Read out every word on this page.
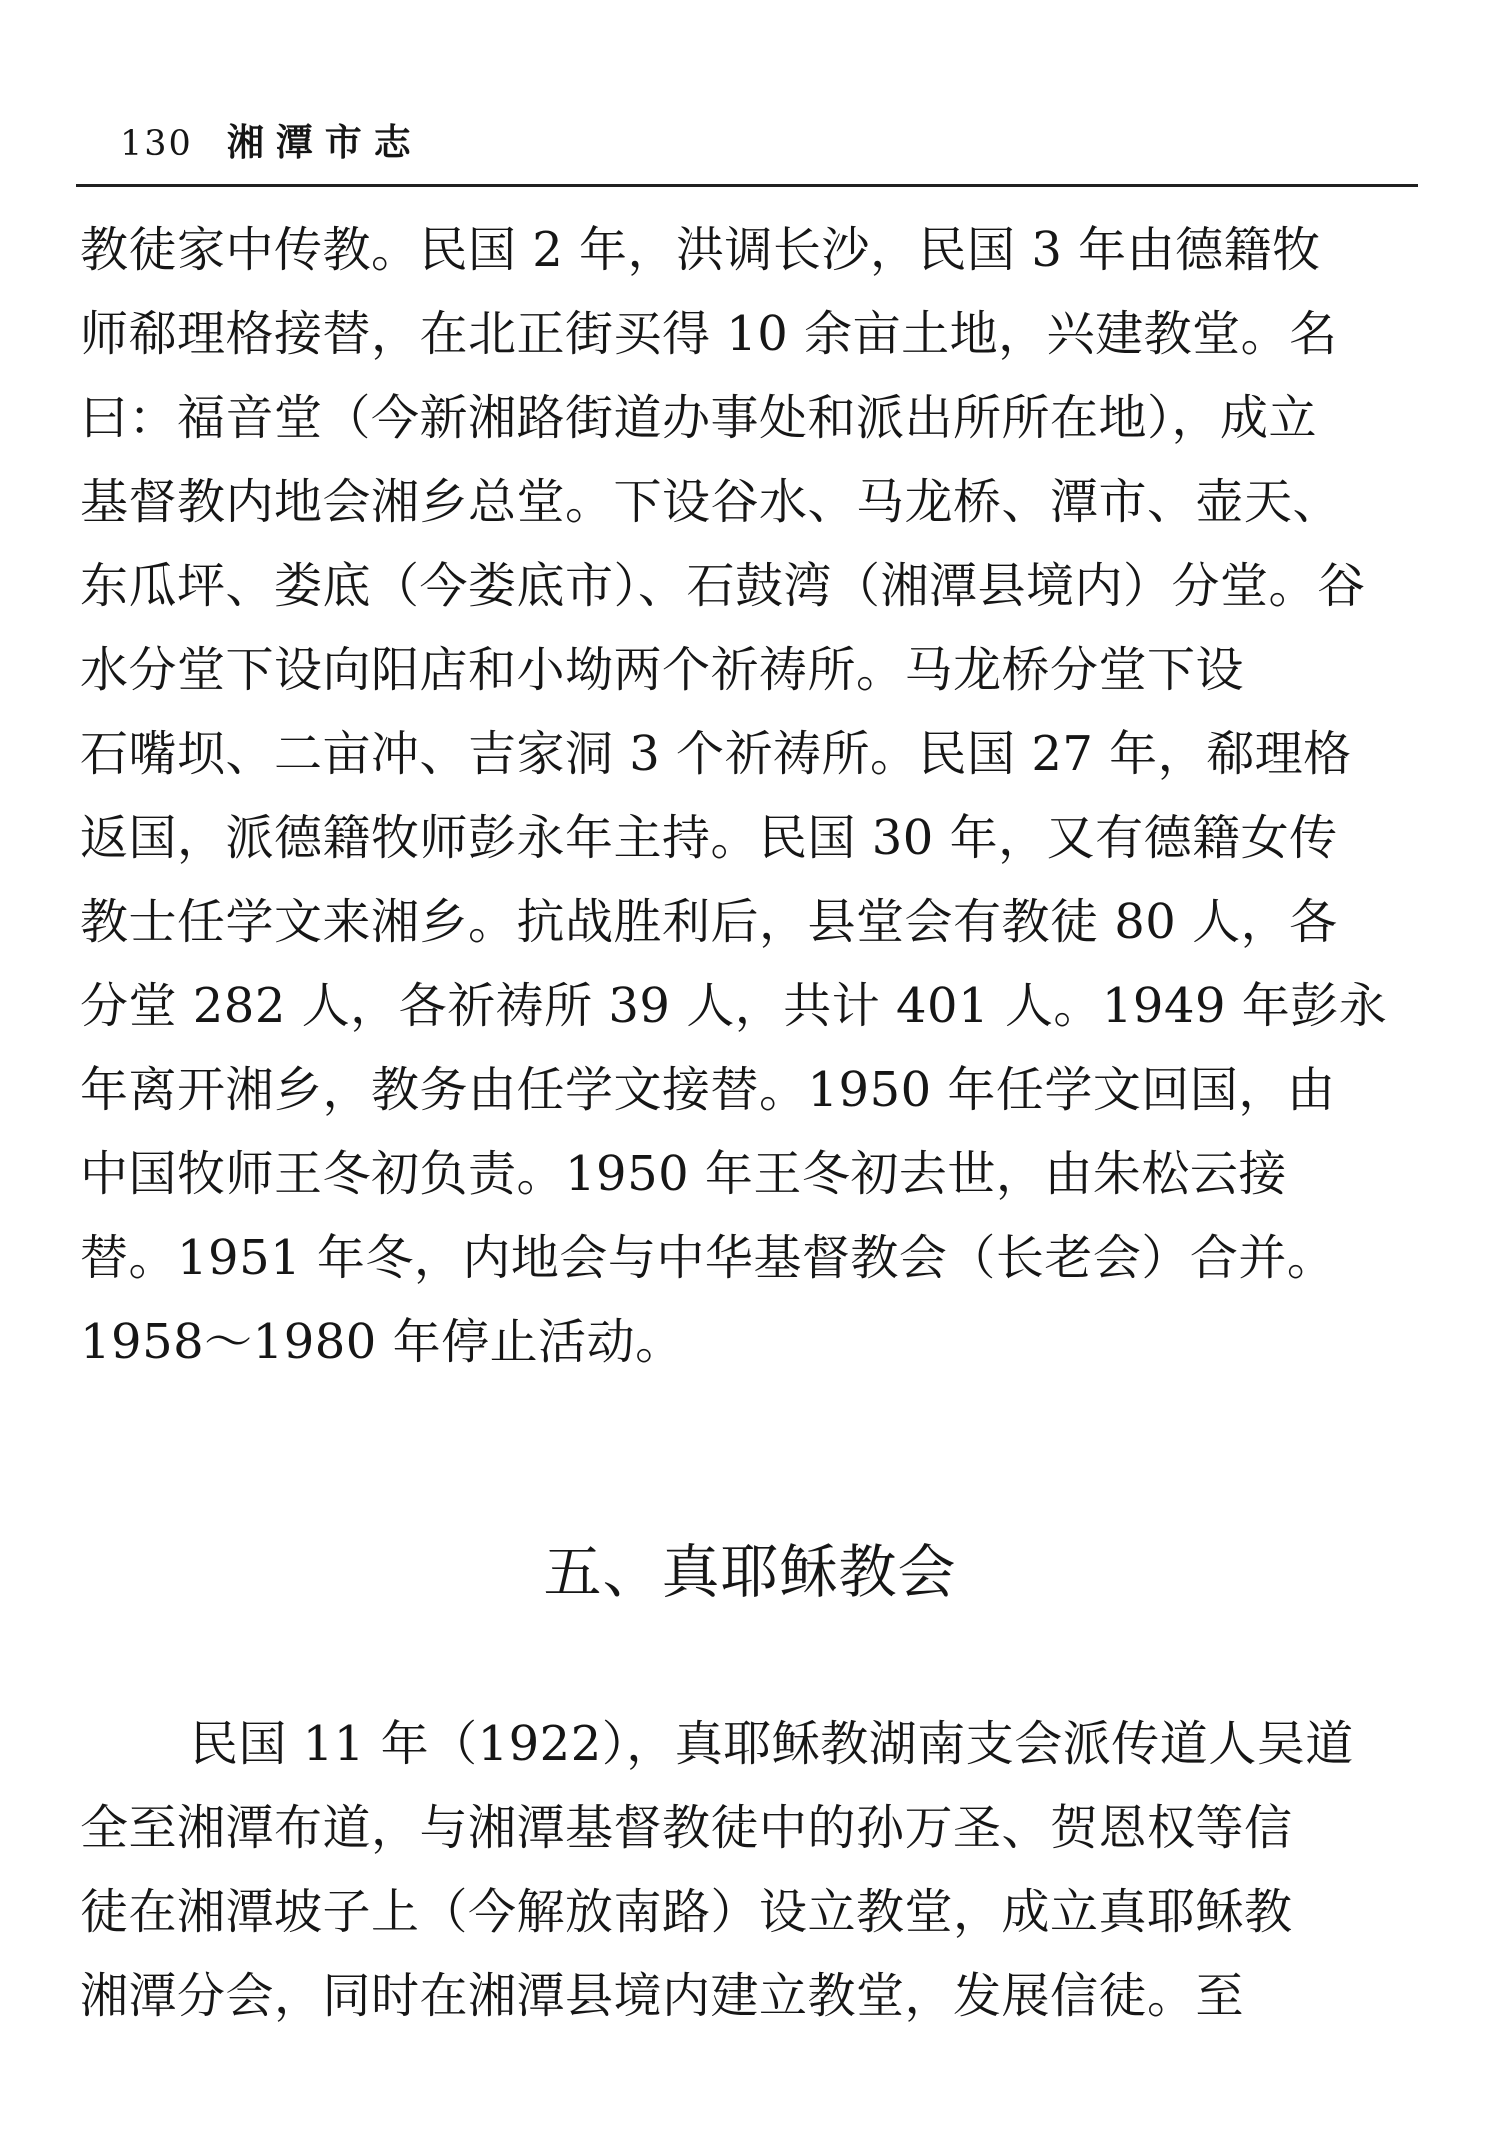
130 湘潭市志
教徒家中传教。民国 2 年，洪调长沙，民国 3 年由德籍牧
师郗理格接替，在北正街买得 10 余亩土地，兴建教堂。名
曰：福音堂（今新湘路街道办事处和派出所所在地），成立
基督教内地会湘乡总堂。下设谷水、马龙桥、潭市、壶天、
东瓜坪、娄底（今娄底市）、石鼓湾（湘潭县境内）分堂。谷
水分堂下设向阳店和小坳两个祈祷所。马龙桥分堂下设
石嘴坝、二亩冲、吉家洞 3 个祈祷所。民国 27 年，郗理格
返国，派德籍牧师彭永年主持。民国 30 年，又有德籍女传
教士任学文来湘乡。抗战胜利后，县堂会有教徒 80 人，各
分堂 282 人，各祈祷所 39 人，共计 401 人。1949 年彭永
年离开湘乡，教务由任学文接替。1950 年任学文回国，由
中国牧师王冬初负责。1950 年王冬初去世，由朱松云接
替。1951 年冬，内地会与中华基督教会（长老会）合并。
1958～1980 年停止活动。
五、真耶稣教会
民国 11 年（1922），真耶稣教湖南支会派传道人吴道
全至湘潭布道，与湘潭基督教徒中的孙万圣、贺恩权等信
徒在湘潭坡子上（今解放南路）设立教堂，成立真耶稣教
湘潭分会，同时在湘潭县境内建立教堂，发展信徒。至
